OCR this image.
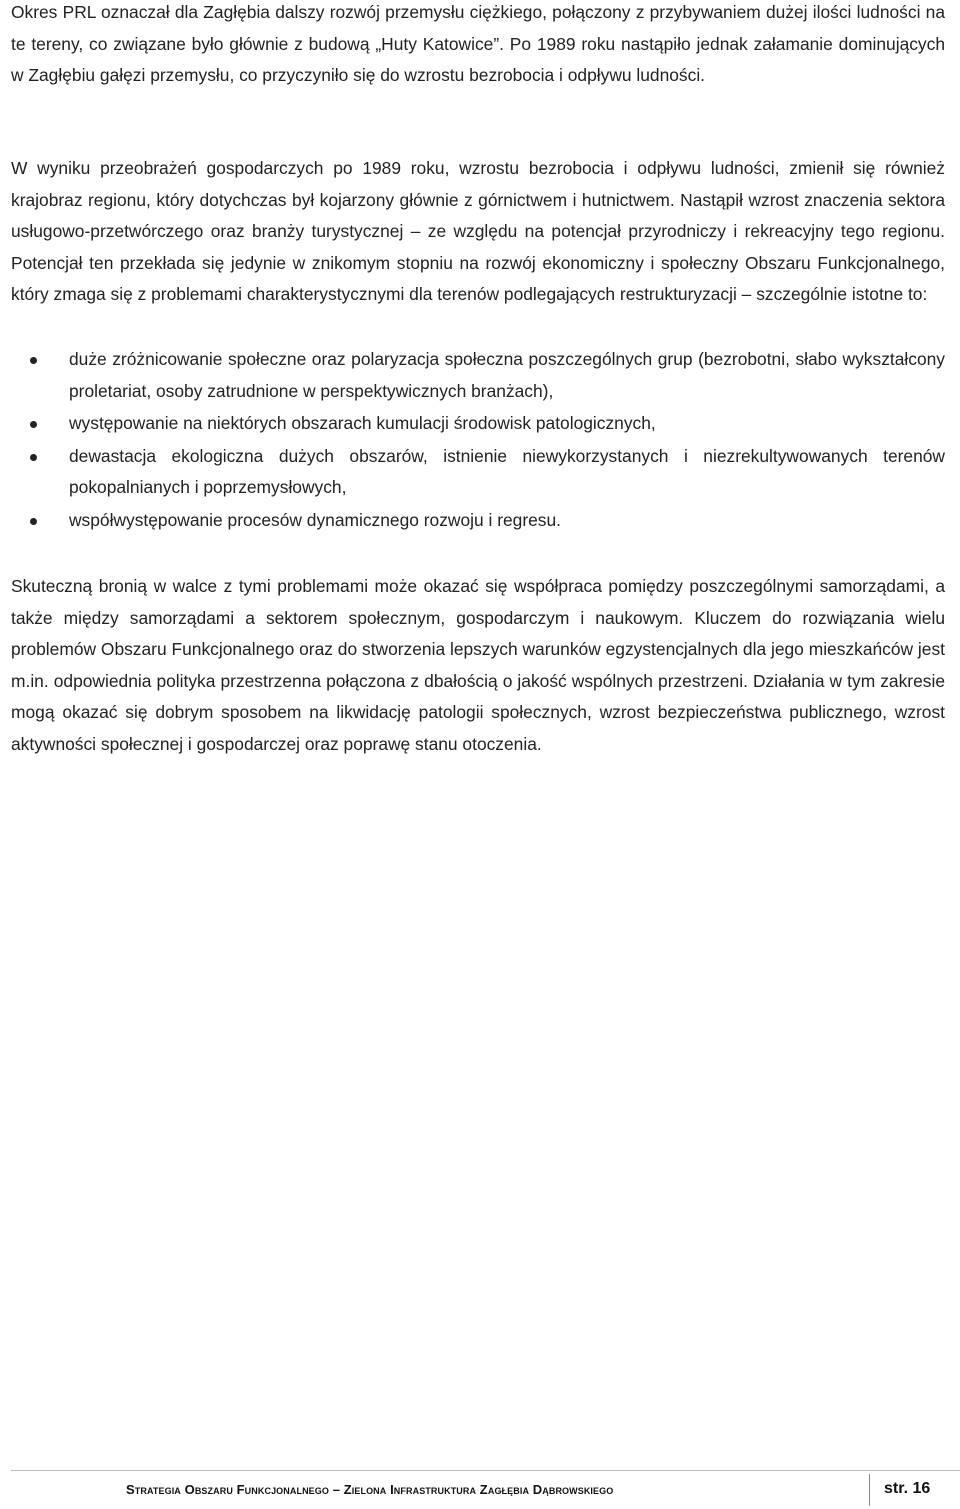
Okres PRL oznaczał dla Zagłębia dalszy rozwój przemysłu ciężkiego, połączony z przybywaniem dużej ilości ludności na te tereny, co związane było głównie z budową „Huty Katowice”. Po 1989 roku nastąpiło jednak załamanie dominujących w Zagłębiu gałęzi przemysłu, co przyczyniło się do wzrostu bezrobocia i odpływu ludności.

W wyniku przeobrażeń gospodarczych po 1989 roku, wzrostu bezrobocia i odpływu ludności, zmienił się również krajobraz regionu, który dotychczas był kojarzony głównie z górnictwem i hutnictwem. Nastąpił wzrost znaczenia sektora usługowo-przetwórczego oraz branży turystycznej – ze względu na potencjał przyrodniczy i rekreacyjny tego regionu. Potencjał ten przekłada się jedynie w znikomym stopniu na rozwój ekonomiczny i społeczny Obszaru Funkcjonalnego, który zmaga się z problemami charakterystycznymi dla terenów podlegających restrukturyzacji – szczególnie istotne to:

duże zróżnicowanie społeczne oraz polaryzacja społeczna poszczególnych grup (bezrobotni, słabo wykształcony proletariat, osoby zatrudnione w perspektywicznych branżach),
występowanie na niektórych obszarach kumulacji środowisk patologicznych,
dewastacja ekologiczna dużych obszarów, istnienie niewykorzystanych i niezrekultywowanych terenów pokopalnianych i poprzemysłowych,
współwystępowanie procesów dynamicznego rozwoju i regresu.

Skuteczną bronią w walce z tymi problemami może okazać się współpraca pomiędzy poszczególnymi samorządami, a także między samorządami a sektorem społecznym, gospodarczym i naukowym. Kluczem do rozwiązania wielu problemów Obszaru Funkcjonalnego oraz do stworzenia lepszych warunków egzystencjalnych dla jego mieszkańców jest m.in. odpowiednia polityka przestrzenna połączona z dbałością o jakość wspólnych przestrzeni. Działania w tym zakresie mogą okazać się dobrym sposobem na likwidację patologii społecznych, wzrost bezpieczeństwa publicznego, wzrost aktywności społecznej i gospodarczej oraz poprawę stanu otoczenia.

Strategia Obszaru Funkcjonalnego – Zielona Infrastruktura Zagłębia Dąbrowskiego	str. 16
